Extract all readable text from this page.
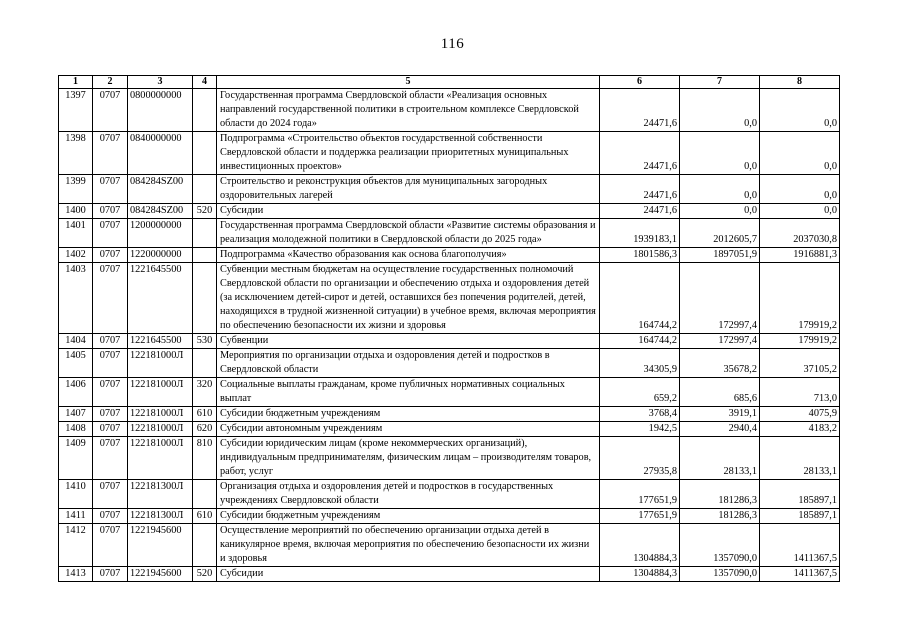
116
1	2	3	4	5	6	7	8
1397	0707	0800000000		Государственная программа Свердловской области «Реализация основных направлений государственной политики в строительном комплексе Свердловской области до 2024 года»	24471,6	0,0	0,0
1398	0707	0840000000		Подпрограмма «Строительство объектов государственной собственности Свердловской области и поддержка реализации приоритетных муниципальных инвестиционных проектов»	24471,6	0,0	0,0
1399	0707	084284SZ00		Строительство и реконструкция объектов для муниципальных загородных оздоровительных лагерей	24471,6	0,0	0,0
1400	0707	084284SZ00	520	Субсидии	24471,6	0,0	0,0
1401	0707	1200000000		Государственная программа Свердловской области «Развитие системы образования и реализация молодежной политики в Свердловской области до 2025 года»	1939183,1	2012605,7	2037030,8
1402	0707	1220000000		Подпрограмма «Качество образования как основа благополучия»	1801586,3	1897051,9	1916881,3
1403	0707	1221645500		Субвенции местным бюджетам на осуществление государственных полномочий Свердловской области по организации и обеспечению отдыха и оздоровления детей (за исключением детей-сирот и детей, оставшихся без попечения родителей, детей, находящихся в трудной жизненной ситуации) в учебное время, включая мероприятия по обеспечению безопасности их жизни и здоровья	164744,2	172997,4	179919,2
1404	0707	1221645500	530	Субвенции	164744,2	172997,4	179919,2
1405	0707	122181000Л		Мероприятия по организации отдыха и оздоровления детей и подростков в Свердловской области	34305,9	35678,2	37105,2
1406	0707	122181000Л	320	Социальные выплаты гражданам, кроме публичных нормативных социальных выплат	659,2	685,6	713,0
1407	0707	122181000Л	610	Субсидии бюджетным учреждениям	3768,4	3919,1	4075,9
1408	0707	122181000Л	620	Субсидии автономным учреждениям	1942,5	2940,4	4183,2
1409	0707	122181000Л	810	Субсидии юридическим лицам (кроме некоммерческих организаций), индивидуальным предпринимателям, физическим лицам – производителям товаров, работ, услуг	27935,8	28133,1	28133,1
1410	0707	122181300Л		Организация отдыха и оздоровления детей и подростков в государственных учреждениях Свердловской области	177651,9	181286,3	185897,1
1411	0707	122181300Л	610	Субсидии бюджетным учреждениям	177651,9	181286,3	185897,1
1412	0707	1221945600		Осуществление мероприятий по обеспечению организации отдыха детей в каникулярное время, включая мероприятия по обеспечению безопасности их жизни и здоровья	1304884,3	1357090,0	1411367,5
1413	0707	1221945600	520	Субсидии	1304884,3	1357090,0	1411367,5
